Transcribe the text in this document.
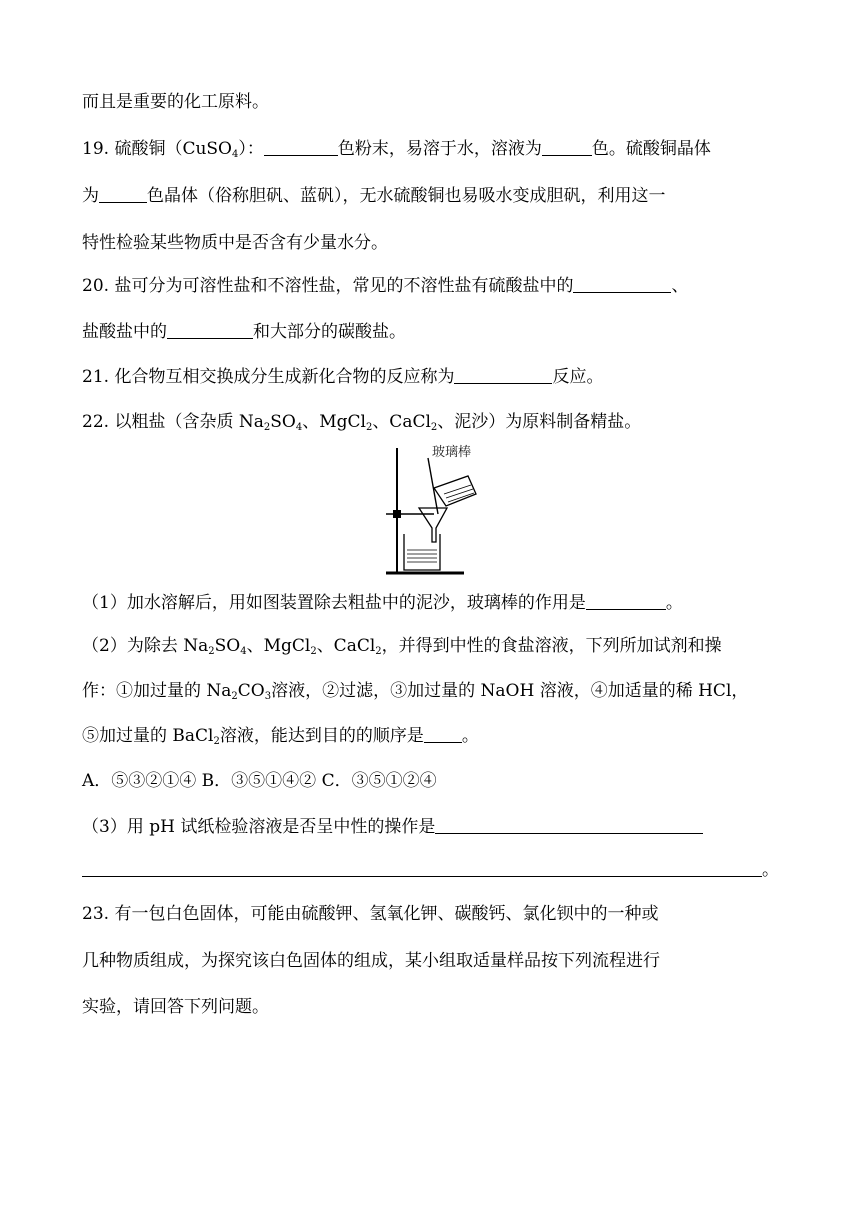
而且是重要的化工原料。
19. 硫酸铜（CuSO$_4$）：	色粉末，易溶于水，溶液为	色。硫酸铜晶体
为	色晶体（俗称胆矾、蓝矾），无水硫酸铜也易吸水变成胆矾，利用这一
特性检验某些物质中是否含有少量水分。
20. 盐可分为可溶性盐和不溶性盐，常见的不溶性盐有硫酸盐中的	、
盐酸盐中的	和大部分的碳酸盐。
21. 化合物互相交换成分生成新化合物的反应称为	反应。
22. 以粗盐（含杂质 $Na_2SO_4$、MgCl$_2$、CaCl$_2$、泥沙）为原料制备精盐。
玻璃棒
（1）加水溶解后，用如图装置除去粗盐中的泥沙，玻璃棒的作用是	。
（2）为除去 $Na_2SO_4$、MgCl$_2$、CaCl$_2$，并得到中性的食盐溶液，下列所加试剂和操
作：①加过量的 $Na_2CO_3$溶液，②过滤，③加过量的 NaOH 溶液，④加适量的稀 HCl，
⑤加过量的 BaCl$_2$溶液，能达到目的的顺序是 。
A．⑤③②①④ B．③⑤①④② C．③⑤①②④
（3）用 pH 试纸检验溶液是否呈中性的操作是
。
23. 有一包白色固体，可能由硫酸钾、氢氧化钾、碳酸钙、氯化钡中的一种或
几种物质组成，为探究该白色固体的组成，某小组取适量样品按下列流程进行
实验，请回答下列问题。
